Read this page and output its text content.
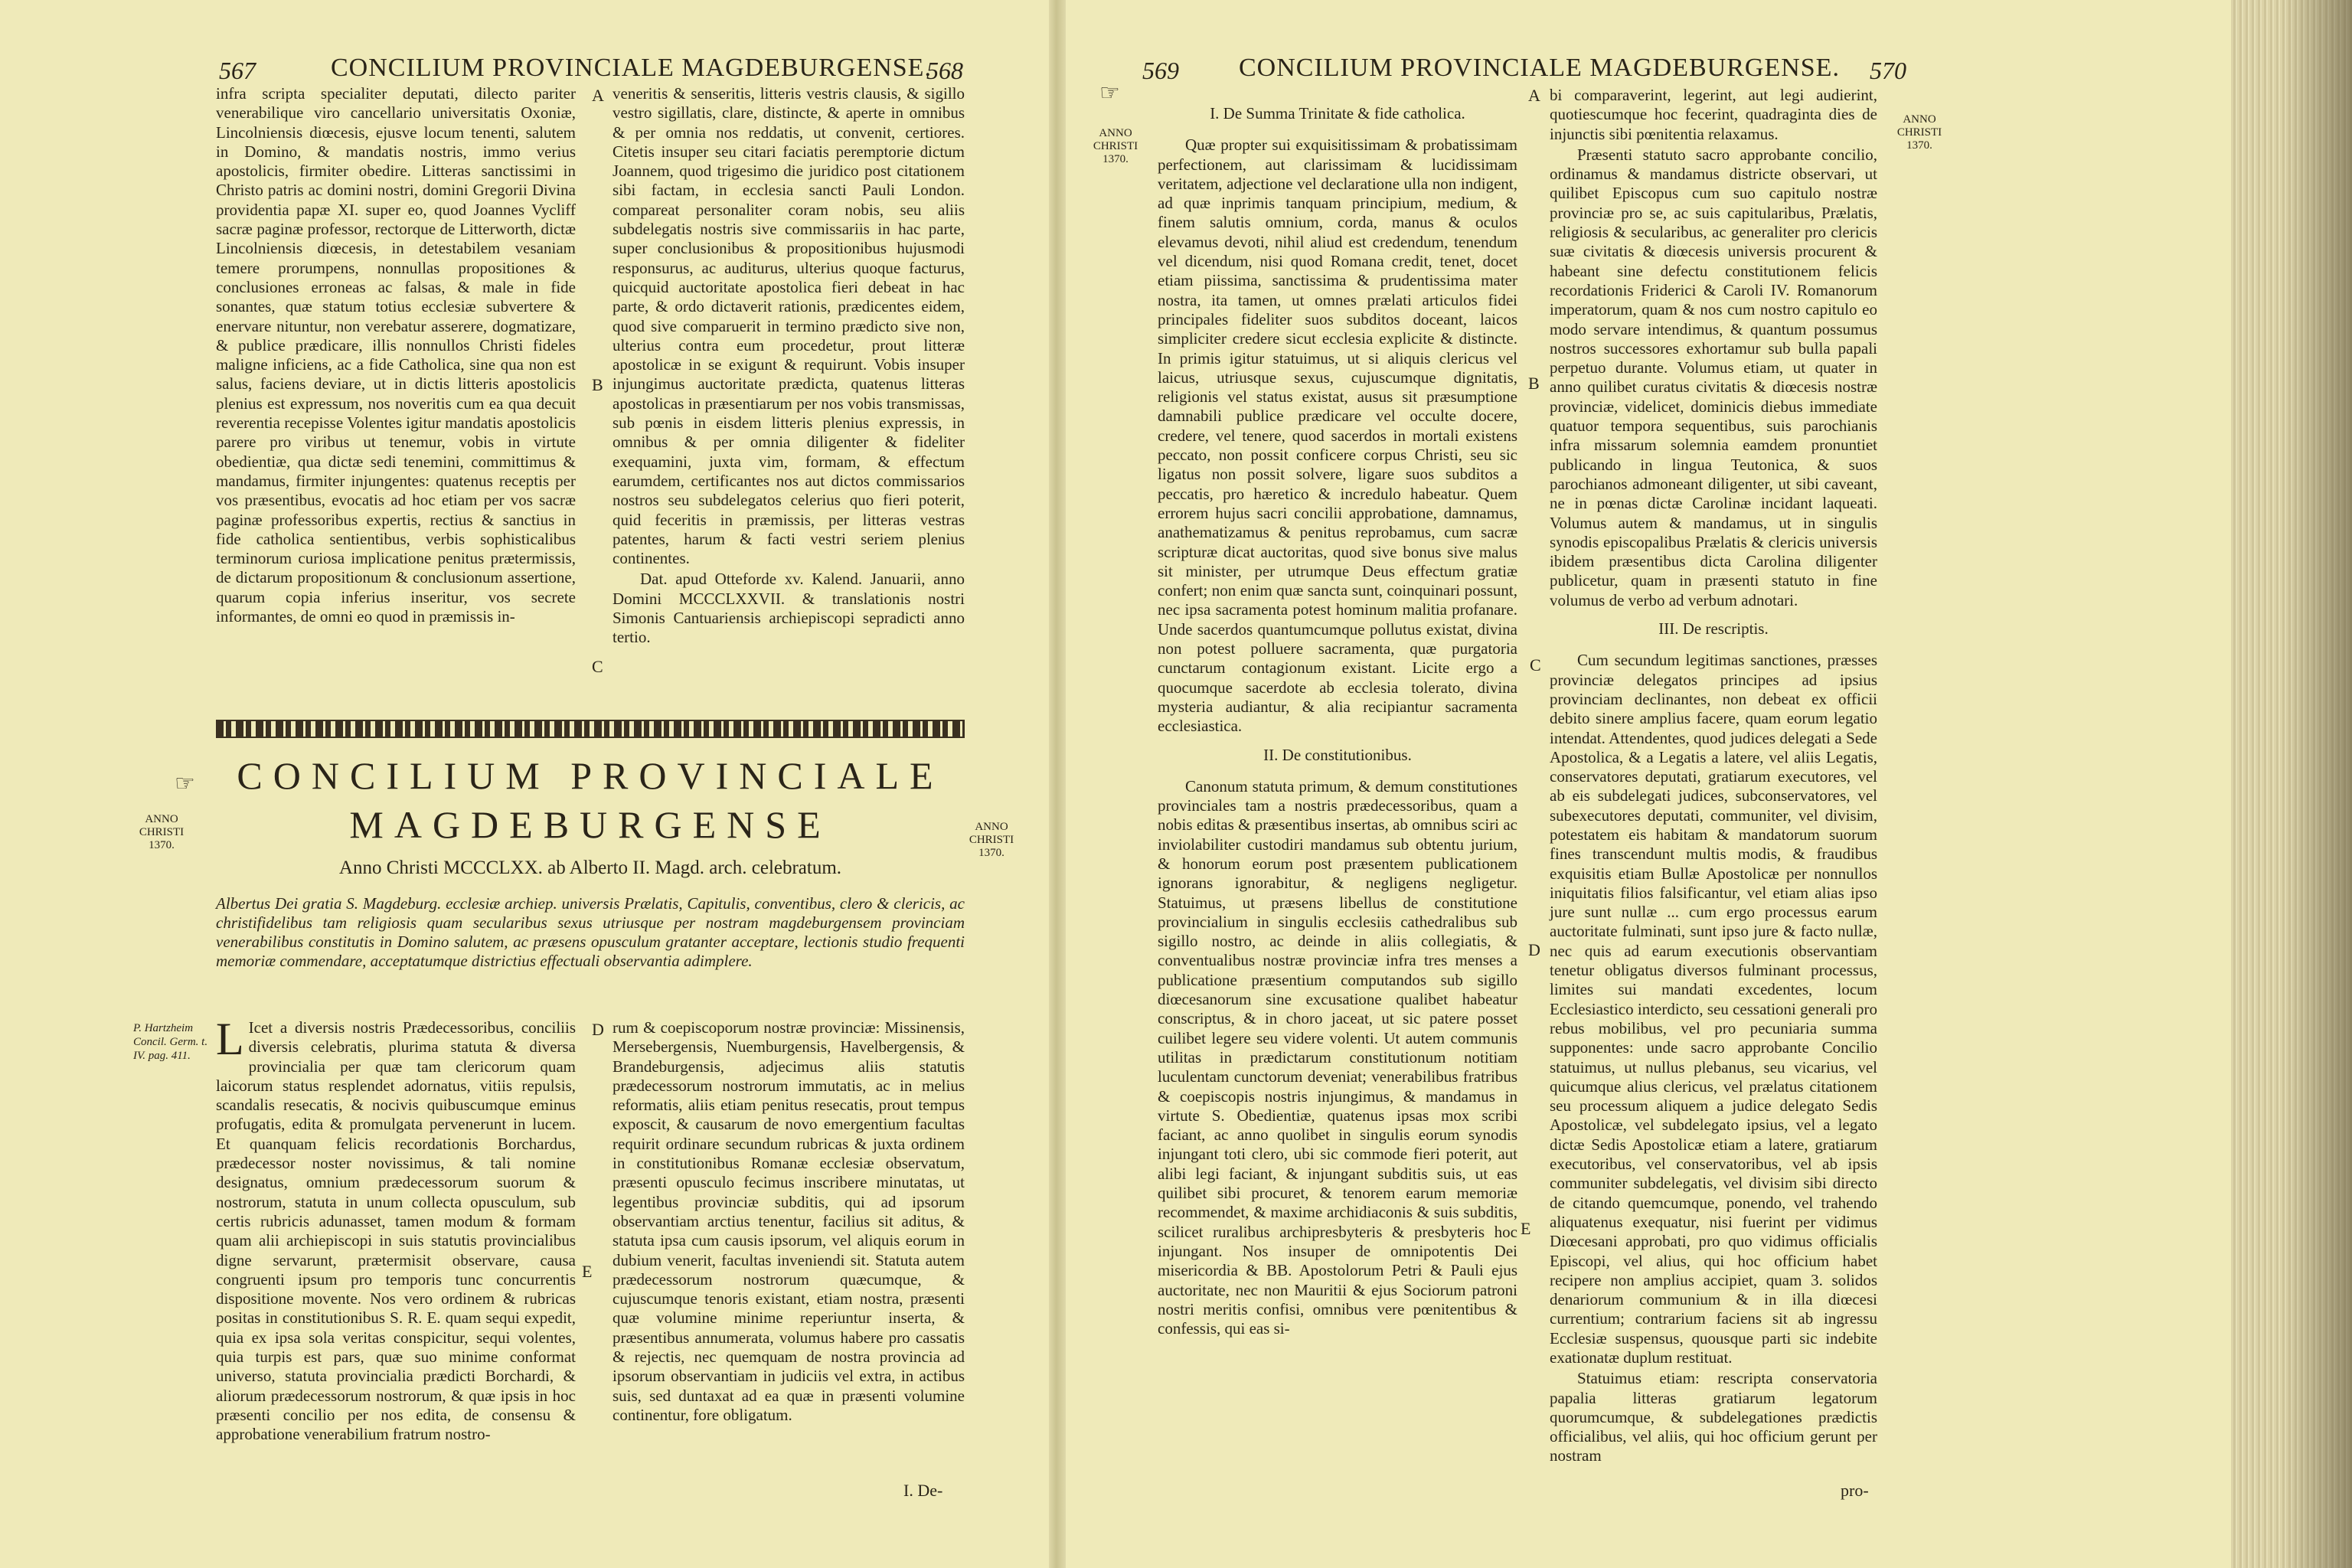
567	CONCILIUM PROVINCIALE MAGDEBURGENSE.
568

infra scripta specialiter deputati, dilecto pariter venerabilique viro cancellario universitatis Oxoniæ, Lincolniensis diœcesis, ejusve locum tenenti, salutem in Domino, & mandatis nostris, immo verius apostolicis, firmiter obedire. Litteras sanctissimi in Christo patris ac domini nostri, domini Gregorii Divina providentia papæ XI. super eo, quod Joannes Vycliff sacræ paginæ professor, rectorque de Litterworth, dictæ Lincolniensis diœcesis, in detestabilem vesaniam temere prorumpens, nonnullas propositiones & conclusiones erroneas ac falsas, & male in fide sonantes, quæ statum totius ecclesiæ subvertere & enervare nituntur, non verebatur asserere, dogmatizare, & publice prædicare, illis nonnullos Christi fideles maligne inficiens, ac a fide Catholica, sine qua non est salus, faciens deviare, ut in dictis litteris apostolicis plenius est expressum, nos noveritis cum ea qua decuit reverentia recepisse Volentes igitur mandatis apostolicis parere pro viribus ut tenemur, vobis in virtute obedientiæ, qua dictæ sedi tenemini, committimus & mandamus, firmiter injungentes: quatenus receptis per vos præsentibus, evocatis ad hoc etiam per vos sacræ paginæ professoribus expertis, rectius & sanctius in fide catholica sentientibus, verbis sophisticalibus terminorum curiosa implicatione penitus prætermissis, de dictarum propositionum & conclusionum assertione, quarum copia inferius inseritur, vos secrete informantes, de omni eo quod in præmissis in-

veneritis & senseritis, litteris vestris clausis, & sigillo vestro sigillatis, clare, distincte, & aperte in omnibus & per omnia nos reddatis, ut convenit, certiores. Citetis insuper seu citari faciatis peremptorie dictum Joannem, quod trigesimo die juridico post citationem sibi factam, in ecclesia sancti Pauli London. compareat personaliter coram nobis, seu aliis subdelegatis nostris sive commissariis in hac parte, super conclusionibus & propositionibus hujusmodi responsurus, ac auditurus, ulterius quoque facturus, quicquid auctoritate apostolica fieri debeat in hac parte, & ordo dictaverit rationis, prædicentes eidem, quod sive comparuerit in termino prædicto sive non, ulterius contra eum procedetur, prout litteræ apostolicæ in se exigunt & requirunt. Vobis insuper injungimus auctoritate prædicta, quatenus litteras apostolicas in præsentiarum per nos vobis transmissas, sub pœnis in eisdem litteris plenius expressis, in omnibus & per omnia diligenter & fideliter exequamini, juxta vim, formam, & effectum earumdem, certificantes nos aut dictos commissarios nostros seu subdelegatos celerius quo fieri poterit, quid feceritis in præmissis, per litteras vestras patentes, harum & facti vestri seriem plenius continentes.

Dat. apud Otteforde xv. Kalend. Januarii, anno Domini MCCCLXXVII. & translationis nostri Simonis Cantuariensis archiepiscopi sepradicti anno tertio.

A
B
C
D
E
☞	CONCILIUM PROVINCIALE
MAGDEBURGENSE
ANNO CHRISTI 1370.
ANNO CHRISTI 1370.
Anno Christi MCCCLXX. ab Alberto II. Magd. arch. celebratum.
Albertus Dei gratia S. Magdeburg. ecclesiæ archiep. universis Prælatis, Capitulis, conventibus, clero & clericis, ac christifidelibus tam religiosis quam secularibus sexus utriusque per nostram magdeburgensem provinciam venerabilibus constitutis in Domino salutem, ac præsens opusculum gratanter acceptare, lectionis studio frequenti memoriæ commendare, acceptatumque districtius effectuali observantia adimplere.
P. Hartzheim Concil. Germ. t. IV. pag. 411. L Icet a diversis nostris Prædecessoribus, conciliis diversis celebratis, plurima statuta & diversa provincialia per quæ tam clericorum quam laicorum status resplendet adornatus, vitiis repulsis, scandalis resecatis, & nocivis quibuscumque eminus profugatis, edita & promulgata pervenerunt in lucem. Et quanquam felicis recordationis Borchardus, prædecessor noster novissimus, & tali nomine designatus, omnium prædecessorum suorum & nostrorum, statuta in unum collecta opusculum, sub certis rubricis adunasset, tamen modum & formam quam alii archiepiscopi in suis statutis provincialibus digne servarunt, prætermisit observare, causa congruenti ipsum pro temporis tunc concurrentis dispositione movente. Nos vero ordinem & rubricas positas in constitutionibus S. R. E. quam sequi expedit, quia ex ipsa sola veritas conspicitur, sequi volentes, quia turpis est pars, quæ suo minime conformat universo, statuta provincialia prædicti Borchardi, & aliorum prædecessorum nostrorum, & quæ ipsis in hoc præsenti concilio per nos edita, de consensu & approbatione venerabilium fratrum nostro-

rum & coepiscoporum nostræ provinciæ: Missinensis, Mersebergensis, Nuemburgensis, Havelbergensis, & Brandeburgensis, adjecimus aliis statutis prædecessorum nostrorum immutatis, ac in melius reformatis, aliis etiam penitus resecatis, prout tempus exposcit, & causarum de novo emergentium facultas requirit ordinare secundum rubricas & juxta ordinem in constitutionibus Romanæ ecclesiæ observatum, præsenti opusculo fecimus inscribere minutatas, ut legentibus provinciæ subditis, qui ad ipsorum observantiam arctius tenentur, facilius sit aditus, & statuta ipsa cum causis ipsorum, vel aliquis eorum in dubium venerit, facultas inveniendi sit. Statuta autem prædecessorum nostrorum quæcumque, & cujuscumque tenoris existant, etiam nostra, præsenti quæ volumine minime reperiuntur inserta, & præsentibus annumerata, volumus habere pro cassatis & rejectis, nec quemquam de nostra provincia ad ipsorum observantiam in judiciis vel extra, in actibus suis, sed duntaxat ad ea quæ in præsenti volumine continentur, fore obligatum.

I. De-
569 CONCILIUM PROVINCIALE MAGDEBURGENSE. 570
☞
ANNO CHRISTI 1370.
ANNO CHRISTI 1370.

I. De Summa Trinitate & fide catholica.

Quæ propter sui exquisitissimam & probatissimam perfectionem, aut clarissimam & lucidissimam veritatem, adjectione vel declaratione ulla non indigent, ad quæ inprimis tanquam principium, medium, & finem salutis omnium, corda, manus & oculos elevamus devoti, nihil aliud est credendum, tenendum vel dicendum, nisi quod Romana credit, tenet, docet etiam piissima, sanctissima & prudentissima mater nostra, ita tamen, ut omnes prælati articulos fidei principales fideliter suos subditos doceant, laicos simpliciter credere sicut ecclesia explicite & distincte. In primis igitur statuimus, ut si aliquis clericus vel laicus, utriusque sexus, cujuscumque dignitatis, religionis vel status existat, ausus sit præsumptione damnabili publice prædicare vel occulte docere, credere, vel tenere, quod sacerdos in mortali existens peccato, non possit conficere corpus Christi, seu sic ligatus non possit solvere, ligare suos subditos a peccatis, pro hæretico & incredulo habeatur. Quem errorem hujus sacri concilii approbatione, damnamus, anathematizamus & penitus reprobamus, cum sacræ scripturæ dicat auctoritas, quod sive bonus sive malus sit minister, per utrumque Deus effectum gratiæ confert; non enim quæ sancta sunt, coinquinari possunt, nec ipsa sacramenta potest hominum malitia profanare. Unde sacerdos quantumcumque pollutus existat, divina non potest polluere sacramenta, quæ purgatoria cunctarum contagionum existant. Licite ergo a quocumque sacerdote ab ecclesia tolerato, divina mysteria audiantur, & alia recipiantur sacramenta ecclesiastica.

II. De constitutionibus.

Canonum statuta primum, & demum constitutiones provinciales tam a nostris prædecessoribus, quam a nobis editas & præsentibus insertas, ab omnibus sciri ac inviolabiliter custodiri mandamus sub obtentu jurium, & honorum eorum post præsentem publicationem ignorans ignorabitur, & negligens negligetur. Statuimus, ut præsens libellus de constitutione provincialium in singulis ecclesiis cathedralibus sub sigillo nostro, ac deinde in aliis collegiatis, & conventualibus nostræ provinciæ infra tres menses a publicatione præsentium computandos sub sigillo diœcesanorum sine excusatione qualibet habeatur conscriptus, & in choro jaceat, ut sic patere posset cuilibet legere seu videre volenti. Ut autem communis utilitas in prædictarum constitutionum notitiam luculentam cunctorum deveniat; venerabilibus fratribus & coepiscopis nostris injungimus, & mandamus in virtute S. Obedientiæ, quatenus ipsas mox scribi faciant, ac anno quolibet in singulis eorum synodis injungant toti clero, ubi sic commode fieri poterit, aut alibi legi faciant, & injungant subditis suis, ut eas quilibet sibi procuret, & tenorem earum memoriæ recommendet, & maxime archidiaconis & suis subditis, scilicet ruralibus archipresbyteris & presbyteris hoc injungant. Nos insuper de omnipotentis Dei misericordia & BB. Apostolorum Petri & Pauli ejus auctoritate, nec non Mauritii & ejus Sociorum patroni nostri meritis confisi, omnibus vere pœnitentibus & confessis, qui eas si-

A
B
C
D
E

bi comparaverint, legerint, aut legi audierint, quotiescumque hoc fecerint, quadraginta dies de injunctis sibi pœnitentia relaxamus.

Præsenti statuto sacro approbante concilio, ordinamus & mandamus districte observari, ut quilibet Episcopus cum suo capitulo nostræ provinciæ pro se, ac suis capitularibus, Prælatis, religiosis & secularibus, ac generaliter pro clericis suæ civitatis & diœcesis universis procurent & habeant sine defectu constitutionem felicis recordationis Friderici & Caroli IV. Romanorum imperatorum, quam & nos cum nostro capitulo eo modo servare intendimus, & quantum possumus nostros successores exhortamur sub bulla papali perpetuo durante. Volumus etiam, ut quater in anno quilibet curatus civitatis & diœcesis nostræ provinciæ, videlicet, dominicis diebus immediate quatuor tempora sequentibus, suis parochianis infra missarum solemnia eamdem pronuntiet publicando in lingua Teutonica, & suos parochianos admoneant diligenter, ut sibi caveant, ne in pœnas dictæ Carolinæ incidant laqueati. Volumus autem & mandamus, ut in singulis synodis episcopalibus Prælatis & clericis universis ibidem præsentibus dicta Carolina diligenter publicetur, quam in præsenti statuto in fine volumus de verbo ad verbum adnotari.

III. De rescriptis.

Cum secundum legitimas sanctiones, præsses provinciæ delegatos principes ad ipsius provinciam declinantes, non debeat ex officii debito sinere amplius facere, quam eorum legatio intendat. Attendentes, quod judices delegati a Sede Apostolica, & a Legatis a latere, vel aliis Legatis, conservatores deputati, gratiarum executores, vel ab eis subdelegati judices, subconservatores, vel subexecutores deputati, communiter, vel divisim, potestatem eis habitam & mandatorum suorum fines transcendunt multis modis, & fraudibus exquisitis etiam Bullæ Apostolicæ per nonnullos iniquitatis filios falsificantur, vel etiam alias ipso jure sunt nullæ ... cum ergo processus earum auctoritate fulminati, sunt ipso jure & facto nullæ, nec quis ad earum executionis observantiam tenetur obligatus diversos fulminant processus, limites sui mandati excedentes, locum Ecclesiastico interdicto, seu cessationi generali pro rebus mobilibus, vel pro pecuniaria summa supponentes: unde sacro approbante Concilio statuimus, ut nullus plebanus, seu vicarius, vel quicumque alius clericus, vel prælatus citationem seu processum aliquem a judice delegato Sedis Apostolicæ, vel subdelegato ipsius, vel a legato dictæ Sedis Apostolicæ etiam a latere, gratiarum executoribus, vel conservatoribus, vel ab ipsis communiter subdelegatis, vel divisim sibi directo de citando quemcumque, ponendo, vel trahendo aliquatenus exequatur, nisi fuerint per vidimus Diœcesani approbati, pro quo vidimus officialis Episcopi, vel alius, qui hoc officium habet recipere non amplius accipiet, quam 3. solidos denariorum communium & in illa diœcesi currentium; contrarium faciens sit ab ingressu Ecclesiæ suspensus, quousque parti sic indebite exationatæ duplum restituat.

Statuimus etiam: rescripta conservatoria papalia litteras gratiarum legatorum quorumcumque, & subdelegationes prædictis officialibus, vel aliis, qui hoc officium gerunt per nostram

pro-
